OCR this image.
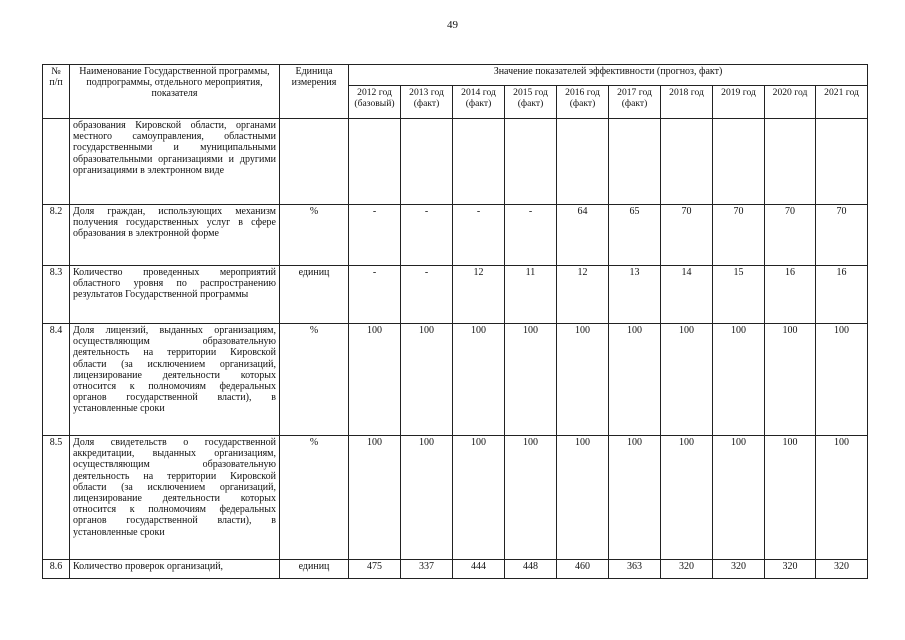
49
№ п/п	Наименование Государственной программы, подпрограммы, отдельного мероприятия, показателя	Единица измерения	Значение показателей эффективности (прогноз, факт)									
			2012 год (базовый)	2013 год (факт)	2014 год (факт)	2015 год (факт)	2016 год (факт)	2017 год (факт)	2018 год	2019 год	2020 год	2021 год
	образования Кировской области, органами местного самоуправления, областными государственными и муниципальными образовательными организациями и другими организациями в электронном виде											
8.2	Доля граждан, использующих механизм получения государственных услуг в сфере образования в электронной форме	%	-	-	-	-	64	65	70	70	70	70
8.3	Количество проведенных мероприятий областного уровня по распространению результатов Государственной программы	единиц	-	-	12	11	12	13	14	15	16	16
8.4	Доля лицензий, выданных организациям, осуществляющим образовательную деятельность на территории Кировской области (за исключением организаций, лицензирование деятельности которых относится к полномочиям федеральных органов государственной власти), в установленные сроки	%	100	100	100	100	100	100	100	100	100	100
8.5	Доля свидетельств о государственной аккредитации, выданных организациям, осуществляющим образовательную деятельность на территории Кировской области (за исключением организаций, лицензирование деятельности которых относится к полномочиям федеральных органов государственной власти), в установленные сроки	%	100	100	100	100	100	100	100	100	100	100
8.6	Количество проверок организаций,	единиц	475	337	444	448	460	363	320	320	320	320
